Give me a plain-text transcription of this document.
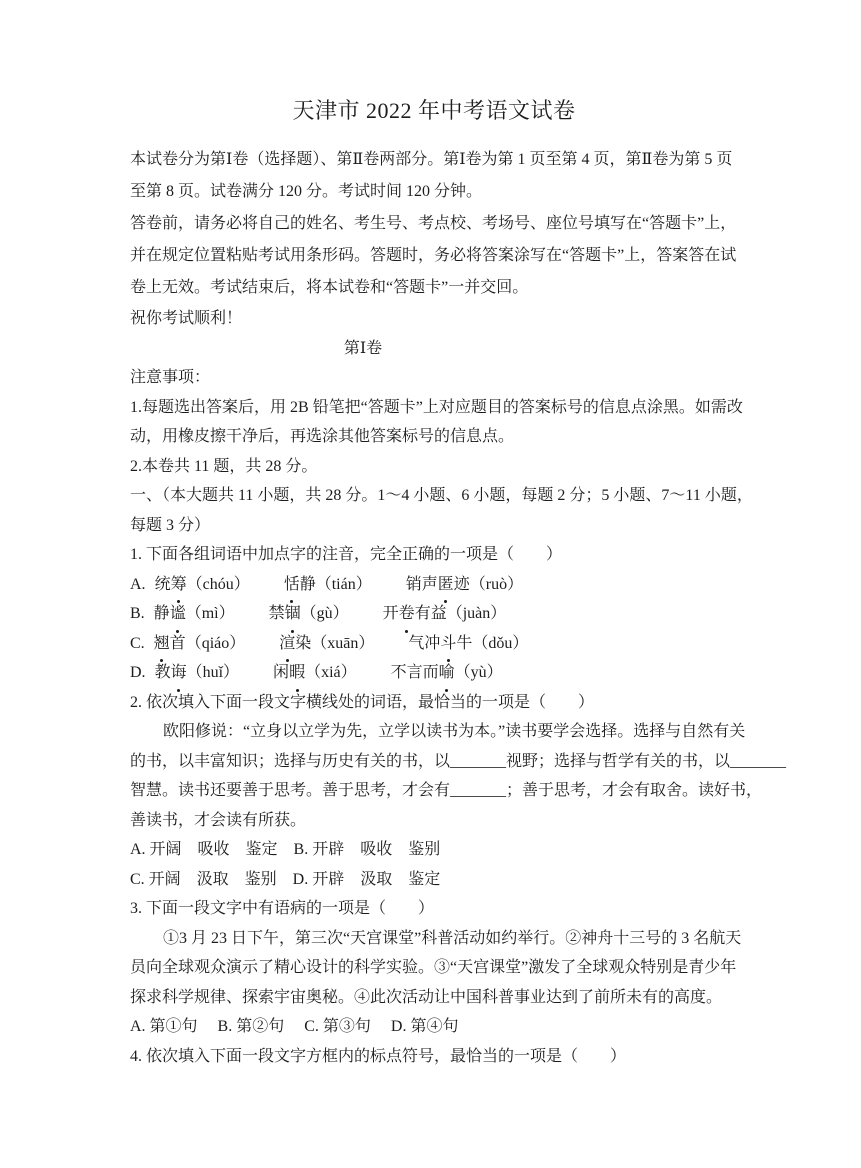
天津市 2022 年中考语文试卷
本试卷分为第Ⅰ卷（选择题）、第Ⅱ卷两部分。第Ⅰ卷为第 1 页至第 4 页，第Ⅱ卷为第 5 页
至第 8 页。试卷满分 120 分。考试时间 120 分钟。
答卷前，请务必将自己的姓名、考生号、考点校、考场号、座位号填写在“答题卡”上，
并在规定位置粘贴考试用条形码。答题时，务必将答案涂写在“答题卡”上，答案答在试
卷上无效。考试结束后，将本试卷和“答题卡”一并交回。
祝你考试顺利！
第Ⅰ卷
注意事项：
1.每题选出答案后，用 2B 铅笔把“答题卡”上对应题目的答案标号的信息点涂黑。如需改
动，用橡皮擦干净后，再选涂其他答案标号的信息点。
2.本卷共 11 题，共 28 分。
一、（本大题共 11 小题，共 28 分。1～4 小题、6 小题，每题 2 分；5 小题、7～11 小题，
每题 3 分）
1. 下面各组词语中加点字的注音，完全正确的一项是（　　）
A. 统筹（chóu） 恬静（tián） 销声匿迹（ruò）
B. 静谧（mì） 禁锢（gù） 开卷有益（juàn）
C. 翘首（qiáo） 渲染（xuān） 气冲斗牛（dǒu）
D. 教诲（huǐ） 闲暇（xiá） 不言而喻（yù）
2. 依次填入下面一段文字横线处的词语，最恰当的一项是（　　）
欧阳修说：“立身以立学为先，立学以读书为本。”读书要学会选择。选择与自然有关
的书，以丰富知识；选择与历史有关的书，以_______视野；选择与哲学有关的书，以_______
智慧。读书还要善于思考。善于思考，才会有_______；善于思考，才会有取舍。读好书，
善读书，才会读有所获。
A. 开阔　吸收　鉴定　B. 开辟　吸收　鉴别
C. 开阔　汲取　鉴别　D. 开辟　汲取　鉴定
3. 下面一段文字中有语病的一项是（　　）
①3 月 23 日下午，第三次“天宫课堂”科普活动如约举行。②神舟十三号的 3 名航天
员向全球观众演示了精心设计的科学实验。③“天宫课堂”激发了全球观众特别是青少年
探求科学规律、探索宇宙奥秘。④此次活动让中国科普事业达到了前所未有的高度。
A. 第①句　 B. 第②句　 C. 第③句　 D. 第④句
4. 依次填入下面一段文字方框内的标点符号，最恰当的一项是（　　）
